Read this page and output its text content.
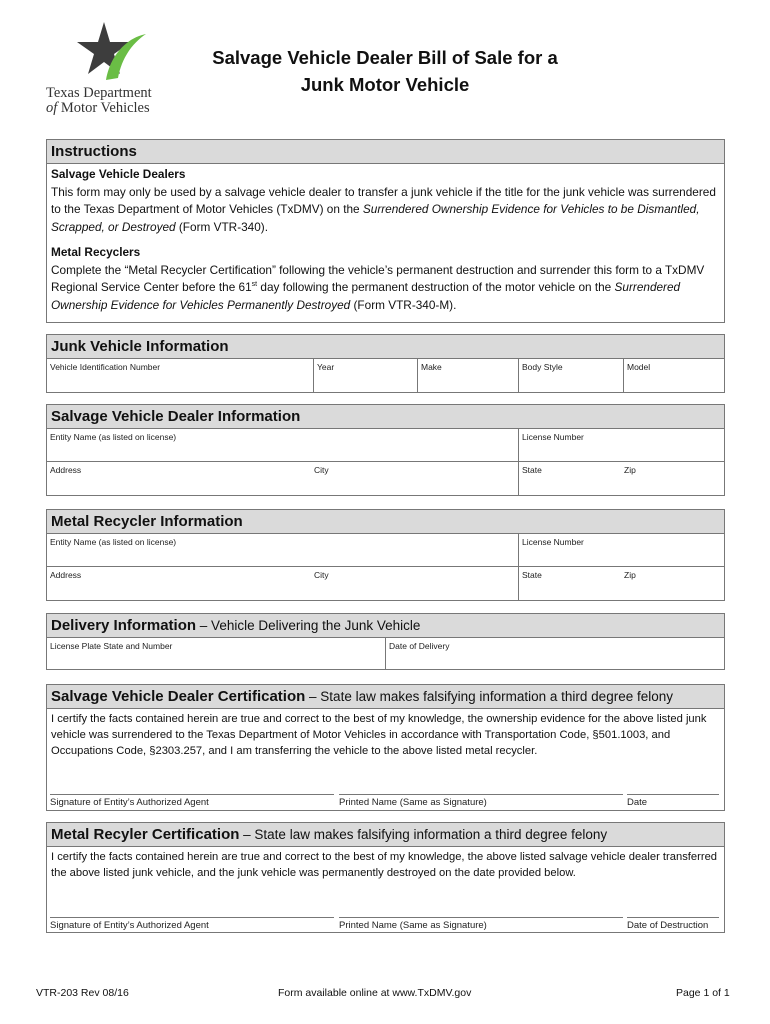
Texas Department
of Motor Vehicles
Salvage Vehicle Dealer Bill of Sale for a
Junk Motor Vehicle
Instructions
Salvage Vehicle Dealers
This form may only be used by a salvage vehicle dealer to transfer a junk vehicle if the title for the junk vehicle was surrendered to the Texas Department of Motor Vehicles (TxDMV) on the Surrendered Ownership Evidence for Vehicles to be Dismantled, Scrapped, or Destroyed (Form VTR-340).
Metal Recyclers
Complete the “Metal Recycler Certification” following the vehicle’s permanent destruction and surrender this form to a TxDMV Regional Service Center before the 61st day following the permanent destruction of the motor vehicle on the Surrendered Ownership Evidence for Vehicles Permanently Destroyed (Form VTR-340-M).
Junk Vehicle Information
Vehicle Identification Number	Year	Make	Body Style	Model
Salvage Vehicle Dealer Information
Entity Name (as listed on license)	License Number
Address	City	State	Zip
Metal Recycler Information
Entity Name (as listed on license)	License Number
Address	City	State	Zip
Delivery Information – Vehicle Delivering the Junk Vehicle
License Plate State and Number	Date of Delivery
Salvage Vehicle Dealer Certification – State law makes falsifying information a third degree felony
I certify the facts contained herein are true and correct to the best of my knowledge, the ownership evidence for the above listed junk vehicle was surrendered to the Texas Department of Motor Vehicles in accordance with Transportation Code, §501.1003, and Occupations Code, §2303.257, and I am transferring the vehicle to the above listed metal recycler.
Signature of Entity’s Authorized Agent	Printed Name (Same as Signature)	Date
Metal Recyler Certification – State law makes falsifying information a third degree felony
I certify the facts contained herein are true and correct to the best of my knowledge, the above listed salvage vehicle dealer transferred the above listed junk vehicle, and the junk vehicle was permanently destroyed on the date provided below.
Signature of Entity’s Authorized Agent	Printed Name (Same as Signature)	Date of Destruction
VTR-203 Rev 08/16	Form available online at www.TxDMV.gov	Page 1 of 1
